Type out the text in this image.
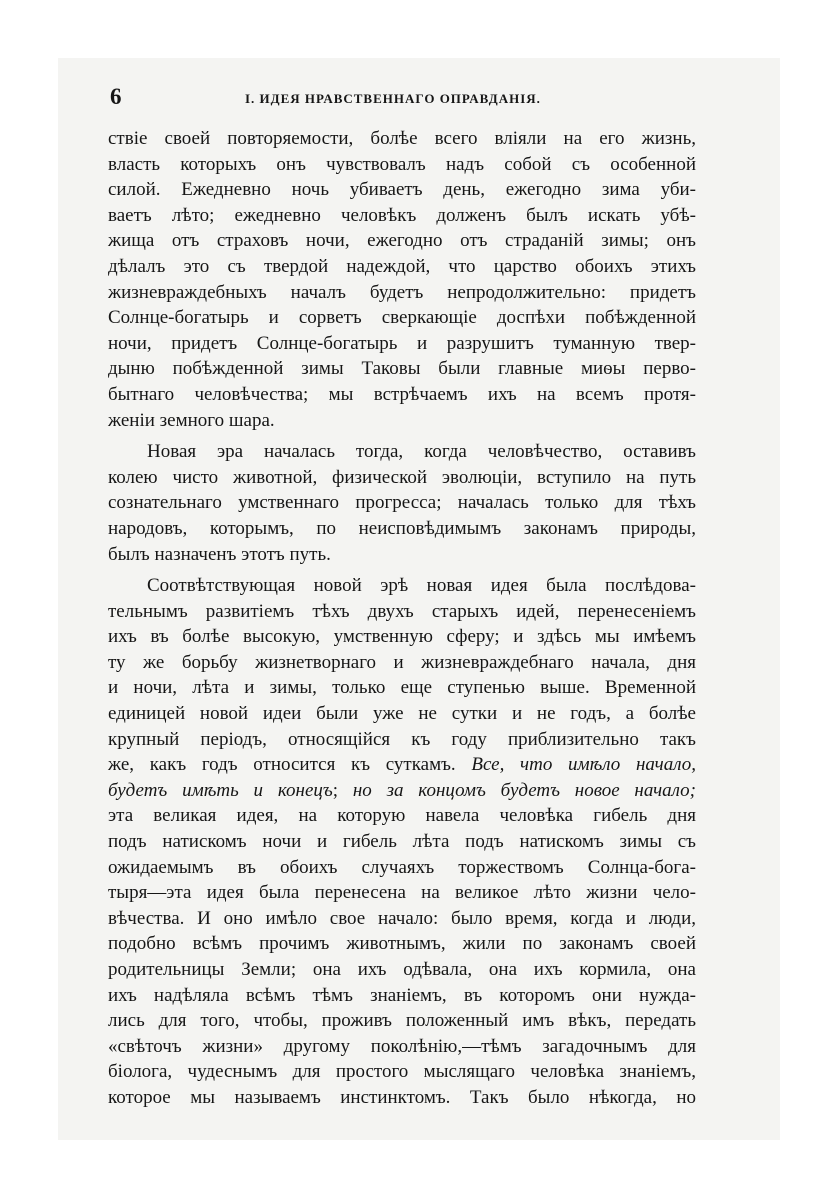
6	I. ИДЕЯ НРАВСТВЕННАГО ОПРАВДАНІЯ.
ствіе своей повторяемости, болѣе всего вліяли на его жизнь,
власть которыхъ онъ чувствовалъ надъ собой съ особенной
силой. Ежедневно ночь убиваетъ день, ежегодно зима уби-
ваетъ лѣто; ежедневно человѣкъ долженъ былъ искать убѣ-
жища отъ страховъ ночи, ежегодно отъ страданій зимы; онъ
дѣлалъ это съ твердой надеждой, что царство обоихъ этихъ
жизневраждебныхъ началъ будетъ непродолжительно: придетъ
Солнце-богатырь и сорветъ сверкающіе доспѣхи побѣжденной
ночи, придетъ Солнце-богатырь и разрушитъ туманную твер-
дыню побѣжденной зимы Таковы были главные миѳы перво-
бытнаго человѣчества; мы встрѣчаемъ ихъ на всемъ протя-
женіи земного шара.
Новая эра началась тогда, когда человѣчество, оставивъ
колею чисто животной, физической эволюціи, вступило на путь
сознательнаго умственнаго прогресса; началась только для тѣхъ
народовъ, которымъ, по неисповѣдимымъ законамъ природы,
былъ назначенъ этотъ путь.
Соотвѣтствующая новой эрѣ новая идея была послѣдова-
тельнымъ развитіемъ тѣхъ двухъ старыхъ идей, перенесеніемъ
ихъ въ болѣе высокую, умственную сферу; и здѣсь мы имѣемъ
ту же борьбу жизнетворнаго и жизневраждебнаго начала, дня
и ночи, лѣта и зимы, только еще ступенью выше. Временной
единицей новой идеи были уже не сутки и не годъ, а болѣе
крупный періодъ, относящійся къ году приблизительно такъ
же, какъ годъ относится къ суткамъ. Все, что имѣло начало,
будетъ имѣть и конецъ; но за концомъ будетъ новое начало;
эта великая идея, на которую навела человѣка гибель дня
подъ натискомъ ночи и гибель лѣта подъ натискомъ зимы съ
ожидаемымъ въ обоихъ случаяхъ торжествомъ Солнца-богa-
тыря—эта идея была перенесена на великое лѣто жизни чело-
вѣчества. И оно имѣло свое начало: было время, когда и люди,
подобно всѣмъ прочимъ животнымъ, жили по законамъ своей
родительницы Земли; она ихъ одѣвала, она ихъ кормила, она
ихъ надѣляла всѣмъ тѣмъ знаніемъ, въ которомъ они нужда-
лись для того, чтобы, проживъ положенный имъ вѣкъ, передать
«свѣточъ жизни» другому поколѣнію,—тѣмъ загадочнымъ для
біолога, чудеснымъ для простого мыслящаго человѣка знаніемъ,
которое мы называемъ инстинктомъ. Такъ было нѣкогда, но
